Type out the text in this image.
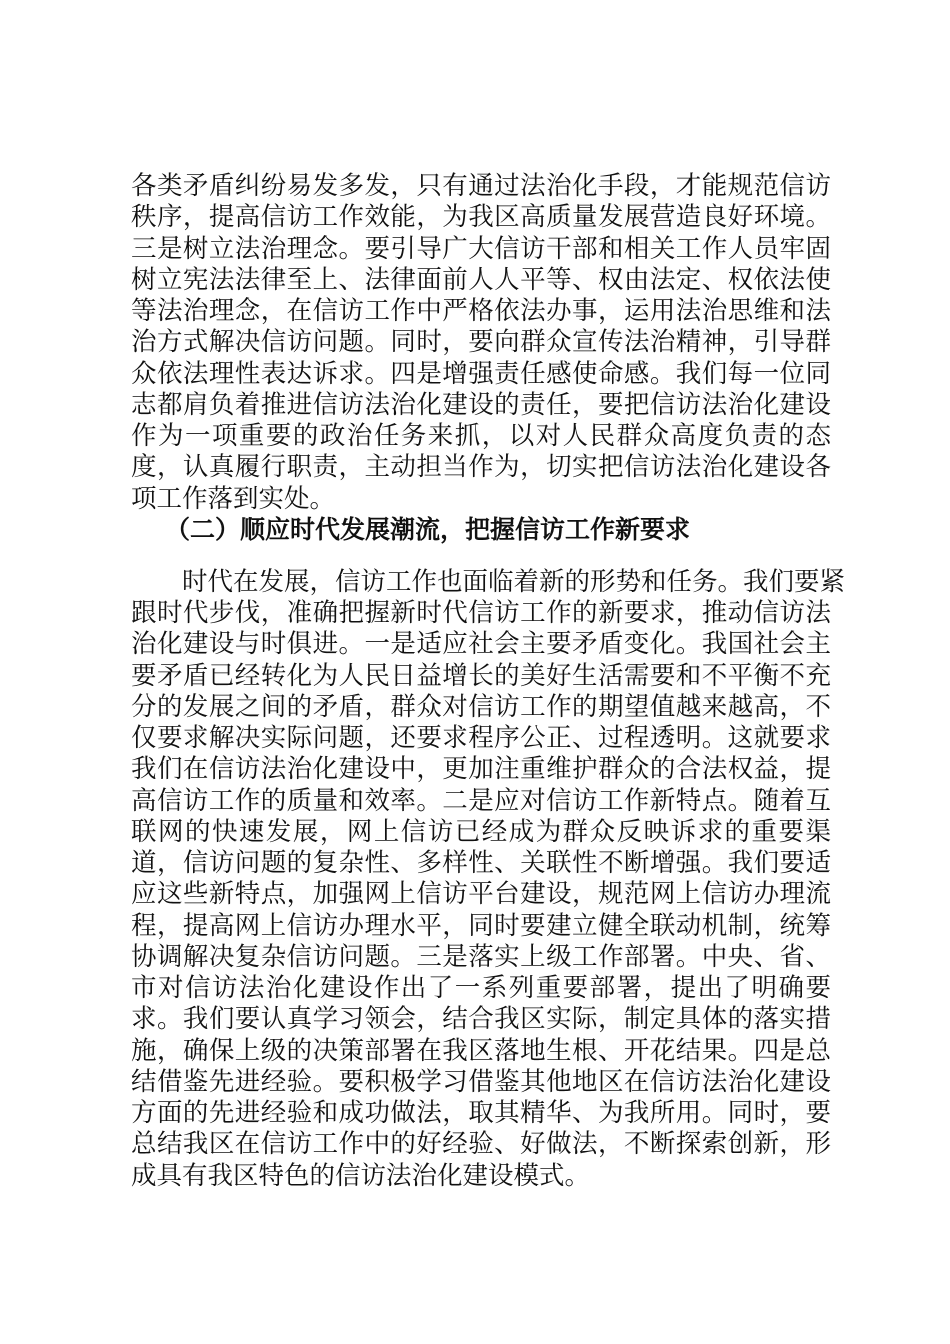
各类矛盾纠纷易发多发，只有通过法治化手段，才能规范信访
秩序，提高信访工作效能，为我区高质量发展营造良好环境。
三是树立法治理念。要引导广大信访干部和相关工作人员牢固
树立宪法法律至上、法律面前人人平等、权由法定、权依法使
等法治理念，在信访工作中严格依法办事，运用法治思维和法
治方式解决信访问题。同时，要向群众宣传法治精神，引导群
众依法理性表达诉求。四是增强责任感使命感。我们每一位同
志都肩负着推进信访法治化建设的责任，要把信访法治化建设
作为一项重要的政治任务来抓，以对人民群众高度负责的态
度，认真履行职责，主动担当作为，切实把信访法治化建设各
项工作落到实处。
（二）顺应时代发展潮流，把握信访工作新要求
时代在发展，信访工作也面临着新的形势和任务。我们要紧
跟时代步伐，准确把握新时代信访工作的新要求，推动信访法
治化建设与时俱进。一是适应社会主要矛盾变化。我国社会主
要矛盾已经转化为人民日益增长的美好生活需要和不平衡不充
分的发展之间的矛盾，群众对信访工作的期望值越来越高，不
仅要求解决实际问题，还要求程序公正、过程透明。这就要求
我们在信访法治化建设中，更加注重维护群众的合法权益，提
高信访工作的质量和效率。二是应对信访工作新特点。随着互
联网的快速发展，网上信访已经成为群众反映诉求的重要渠
道，信访问题的复杂性、多样性、关联性不断增强。我们要适
应这些新特点，加强网上信访平台建设，规范网上信访办理流
程，提高网上信访办理水平，同时要建立健全联动机制，统筹
协调解决复杂信访问题。三是落实上级工作部署。中央、省、
市对信访法治化建设作出了一系列重要部署，提出了明确要
求。我们要认真学习领会，结合我区实际，制定具体的落实措
施，确保上级的决策部署在我区落地生根、开花结果。四是总
结借鉴先进经验。要积极学习借鉴其他地区在信访法治化建设
方面的先进经验和成功做法，取其精华、为我所用。同时，要
总结我区在信访工作中的好经验、好做法，不断探索创新，形
成具有我区特色的信访法治化建设模式。
